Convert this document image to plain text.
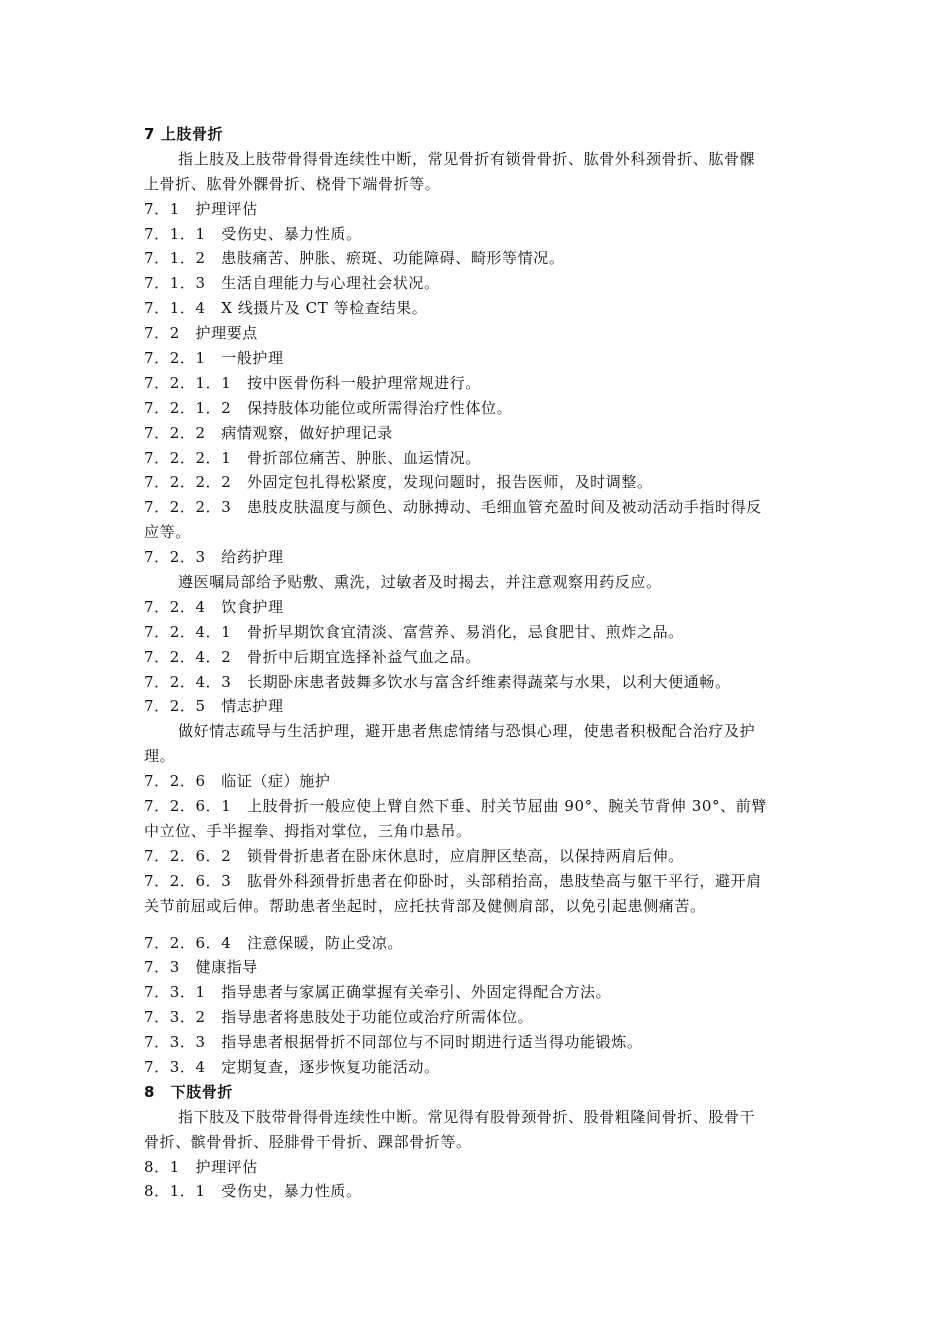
7 上肢骨折
指上肢及上肢带骨得骨连续性中断，常见骨折有锁骨骨折、肱骨外科颈骨折、肱骨髁
上骨折、肱骨外髁骨折、桡骨下端骨折等。
7．1　护理评估
7．1．1　受伤史、暴力性质。
7．1．2　患肢痛苦、肿胀、瘀斑、功能障碍、畸形等情况。
7．1．3　生活自理能力与心理社会状况。
7．1．4　X 线摄片及 CT 等检查结果。
7．2　护理要点
7．2．1　一般护理
7．2．1．1　按中医骨伤科一般护理常规进行。
7．2．1．2　保持肢体功能位或所需得治疗性体位。
7．2．2　病情观察，做好护理记录
7．2．2．1　骨折部位痛苦、肿胀、血运情况。
7．2．2．2　外固定包扎得松紧度，发现问题时，报告医师，及时调整。
7．2．2．3　患肢皮肤温度与颜色、动脉搏动、毛细血管充盈时间及被动活动手指时得反
应等。
7．2．3　给药护理
遵医嘱局部给予贴敷、熏洗，过敏者及时揭去，并注意观察用药反应。
7．2．4　饮食护理
7．2．4．1　骨折早期饮食宜清淡、富营养、易消化，忌食肥甘、煎炸之品。
7．2．4．2　骨折中后期宜选择补益气血之品。
7．2．4．3　长期卧床患者鼓舞多饮水与富含纤维素得蔬菜与水果，以利大便通畅。
7．2．5　情志护理
做好情志疏导与生活护理，避开患者焦虑情绪与恐惧心理，使患者积极配合治疗及护
理。
7．2．6　临证（症）施护
7．2．6．1　上肢骨折一般应使上臂自然下垂、肘关节屈曲 90°、腕关节背伸 30°、前臂
中立位、手半握拳、拇指对掌位，三角巾悬吊。
7．2．6．2　锁骨骨折患者在卧床休息时，应肩胛区垫高，以保持两肩后伸。
7．2．6．3　肱骨外科颈骨折患者在仰卧时，头部稍抬高，患肢垫高与躯干平行，避开肩
关节前屈或后伸。帮助患者坐起时，应托扶背部及健侧肩部，以免引起患侧痛苦。
7．2．6．4　注意保暖，防止受凉。
7．3　健康指导
7．3．1　指导患者与家属正确掌握有关牵引、外固定得配合方法。
7．3．2　指导患者将患肢处于功能位或治疗所需体位。
7．3．3　指导患者根据骨折不同部位与不同时期进行适当得功能锻炼。
7．3．4　定期复查，逐步恢复功能活动。
8　下肢骨折
指下肢及下肢带骨得骨连续性中断。常见得有股骨颈骨折、股骨粗隆间骨折、股骨干
骨折、髌骨骨折、胫腓骨干骨折、踝部骨折等。
8．1　护理评估
8．1．1　受伤史，暴力性质。
